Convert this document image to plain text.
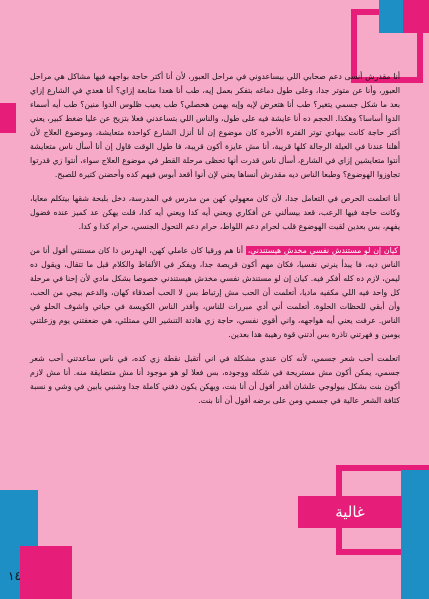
أنا مقدرش أنسى دعم صحابي اللي بيساعدوني في مراحل العبور، لأن أنا أكتر حاجة بواجهه فيها مشاكل هي مراحل العبور، وأنا عن متوتر جدا، وعلى طول دماغه بتفكر بعمل إيه، طب أنا هعدا متابعة إزاي؟ أنا هعدي في الشارع إزاي بعد ما شكل جسمي يتغير؟ طب أنا هتعرض لإيه وإيه يهمن هحصلي؟ طب يعيب ظلوس الدوا منين؟ طب أيه أسماء الدوا أساسا؟ وهكذا. الحجم ده أنا عايشة فيه على طول، والناس اللي بتساعدني فعلا بتزيح عن عليا ضغط كبير، يعني أكتر حاجة كانت بيهادي توتر الفترة الأخيرة كان موضوع إن أنا أنزل الشارع كواحدة متعايشة، وموضوع العلاج لأن أهلنا عندنا في العيلة الرجالة كلها قريبة، أنا مش عايزة أكون قريبة، فا طول الوقت قاول إن أنا أسأل ناس متعايشة أنتوا متعايشين إزاي في الشارع، أسأل ناس قدرت أنها تحظى مرحلة القطر في موضوع العلاج سواء، أنتوا زي قدرتوا تجاوزوا الهوضوع؟ وطبعا الناس ديه مقدرش أنساها يعني لإن أنوا أقعد أبوس فيهم كده وأحضنن كتيرة للصبح.

أنا اتعلمت الحرص في التعامل جدا، لأن كان معهولي كهن من مدرس في المدرسة، دخل بلبحة شقها بيتكلم معايا، وكانت حاجة فيها الرعب، قعد بيسألني عن أفكاري ويعني أيه كدا ويعني أيه كدا، قلت يهكن عد كميز عنده فضول يفهم، بس بعدين لقيت الهوضوع قلب لحرام دعم اللواط، حرام دعم التحول الجنسي، حرام كدا و كدا.

كيان إن لو مستندش نفسي مخدش هيستندني، أنا هم ورقيا كان عاملي كهن، الهدرس دا كان مسنتني أقول أنا من الناس ديه، فا يبدأ ينرني نفسيا، فكان مهم أكون قريصة جدا، ويفكر في الألفاظ والكلام قبل ما تتقال، ويقول ده ليمن، لازم ده كله أفكر فيه. كيان إن لو مستندش نفسي مخدش هيستندني خصوصا بشكل مادي لأن إحنا في مرحلة كل واحد فيه اللي مكفيه ماديا، أتعلمت أن الحب مش إرتباط بس لا الحب أصدقاء كهان، والدعم بيجي من الحب، وأن أبقي للحظات الحلوة. أتعلمت أني أدي مبررات للناس، وأقدر الناس الكويسة في حياتي واشوف الحلو في الناس. عرفت يعني أيه هواجهه، واني أقوي نفسي، حاجة زي هادتة التنشير اللي ممتلئي، هي ضعفتني يوم وزعلتني يومين و فهرتني تاذرة بس أدتني قوة رهيبة هدا بعدين.

اتعلمت أحب شعر جسمي، لأنه كان عندي مشكلة في اني أتقبل نقطة زي كده، في ناس ساعدتني أحب شعر جسمي، يمكن أكون مش مستريحة في شكله ووجوده، بس فعلا لو هو موجود أنا مش متضايقة منه. أنا مش لازم أكون بنت بشكل بيولوجي علشان أقدر أقول أن أنا بنت، ويهكن يكون دفني كاملة جدا وشنبي بابين في وشي و نسبة كثافة الشعر عالية في جسمي ومن على برضه أقول أن أنا بنت.

غالية
١٤
